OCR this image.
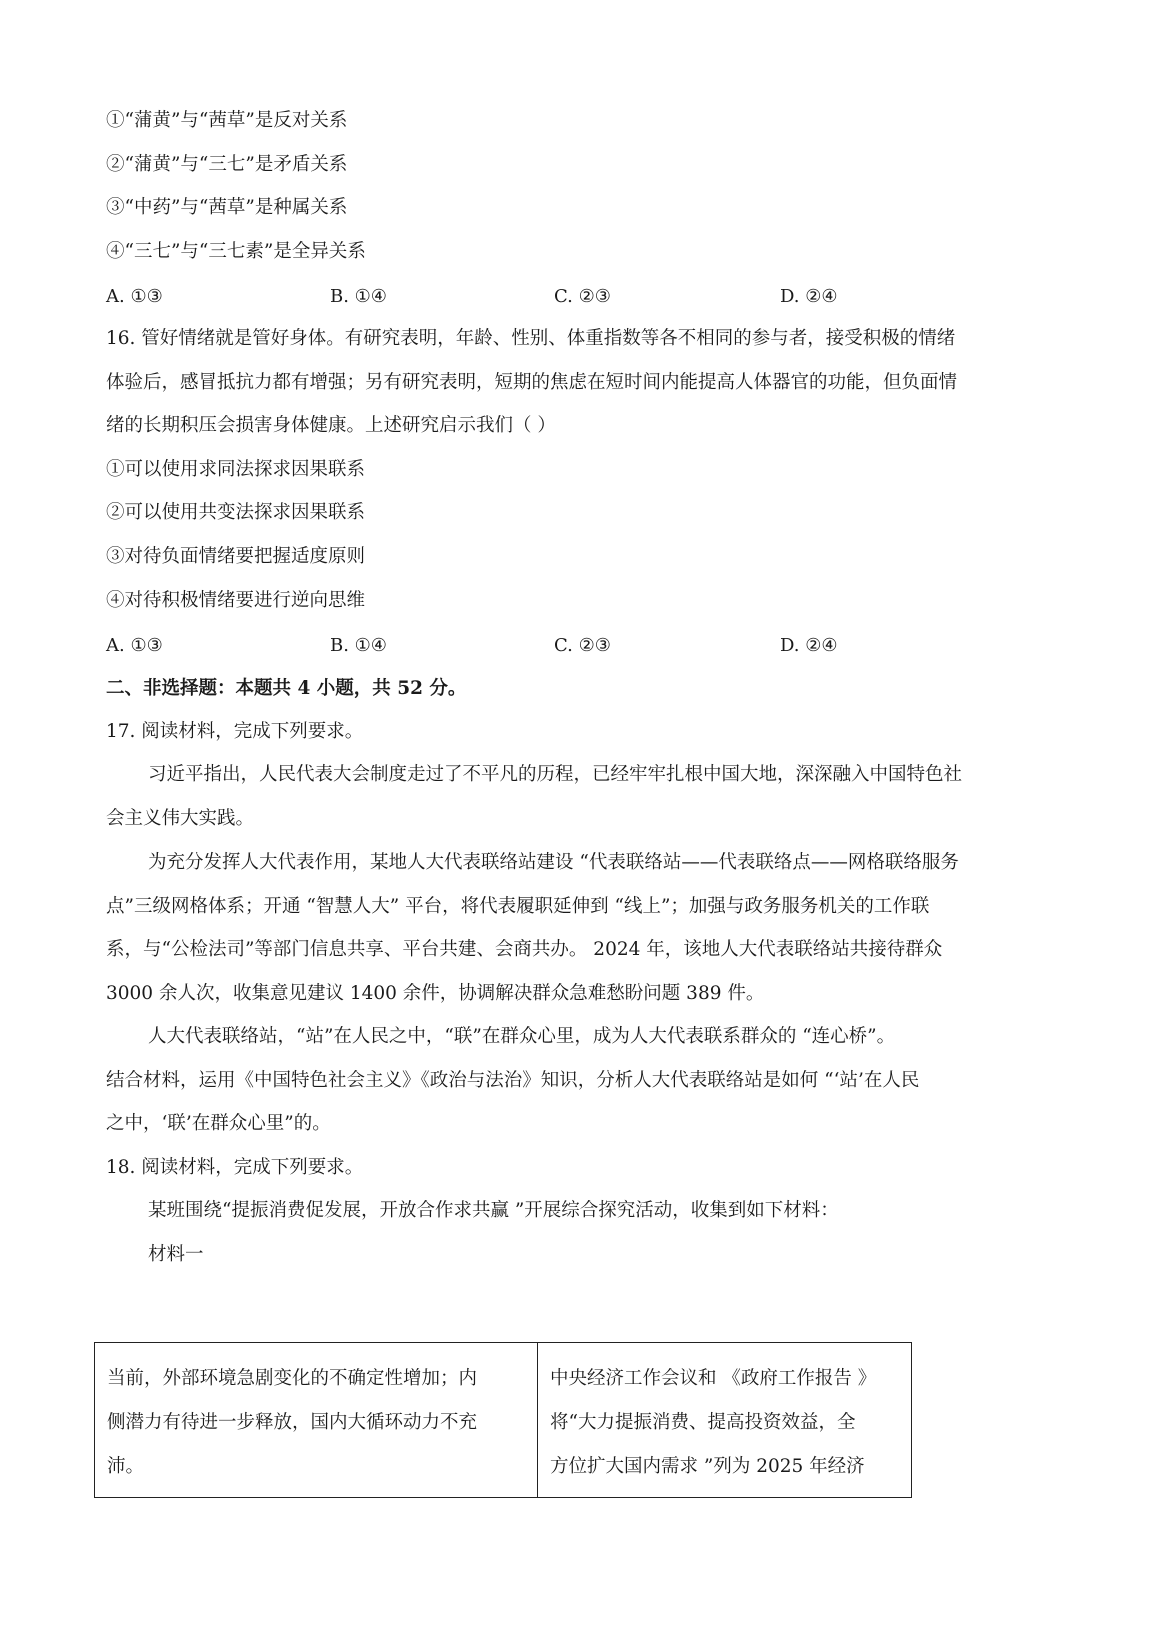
①“蒲黄”与“茜草”是反对关系
②“蒲黄”与“三七”是矛盾关系
③“中药”与“茜草”是种属关系
④“三七”与“三七素”是全异关系
A. ①③	B. ①④	C. ②③	D. ②④
16. 管好情绪就是管好身体。有研究表明，年龄、性别、体重指数等各不相同的参与者，接受积极的情绪
体验后，感冒抵抗力都有增强；另有研究表明，短期的焦虑在短时间内能提高人体器官的功能，但负面情
绪的长期积压会损害身体健康。上述研究启示我们（ ）
①可以使用求同法探求因果联系
②可以使用共变法探求因果联系
③对待负面情绪要把握适度原则
④对待积极情绪要进行逆向思维
A. ①③	B. ①④	C. ②③	D. ②④
二、非选择题：本题共 4 小题，共 52 分。
17. 阅读材料，完成下列要求。
习近平指出，人民代表大会制度走过了不平凡的历程，已经牢牢扎根中国大地，深深融入中国特色社
会主义伟大实践。
为充分发挥人大代表作用，某地人大代表联络站建设 “代表联络站——代表联络点——网格联络服务
点”三级网格体系；开通 “智慧人大” 平台，将代表履职延伸到 “线上”；加强与政务服务机关的工作联
系，与“公检法司”等部门信息共享、平台共建、会商共办。 2024 年，该地人大代表联络站共接待群众
3000 余人次，收集意见建议 1400 余件，协调解决群众急难愁盼问题 389 件。
人大代表联络站，“站”在人民之中，“联”在群众心里，成为人大代表联系群众的 “连心桥”。
结合材料，运用《中国特色社会主义》《政治与法治》知识，分析人大代表联络站是如何 “‘站’在人民
之中，‘联’在群众心里”的。
18. 阅读材料，完成下列要求。
某班围绕“提振消费促发展，开放合作求共赢 ”开展综合探究活动，收集到如下材料：
材料一
当前，外部环境急剧变化的不确定性增加；内
侧潜力有待进一步释放，国内大循环动力不充
沛。

中央经济工作会议和 《政府工作报告 》
将“大力提振消费、提高投资效益，全
方位扩大国内需求 ”列为 2025 年经济
